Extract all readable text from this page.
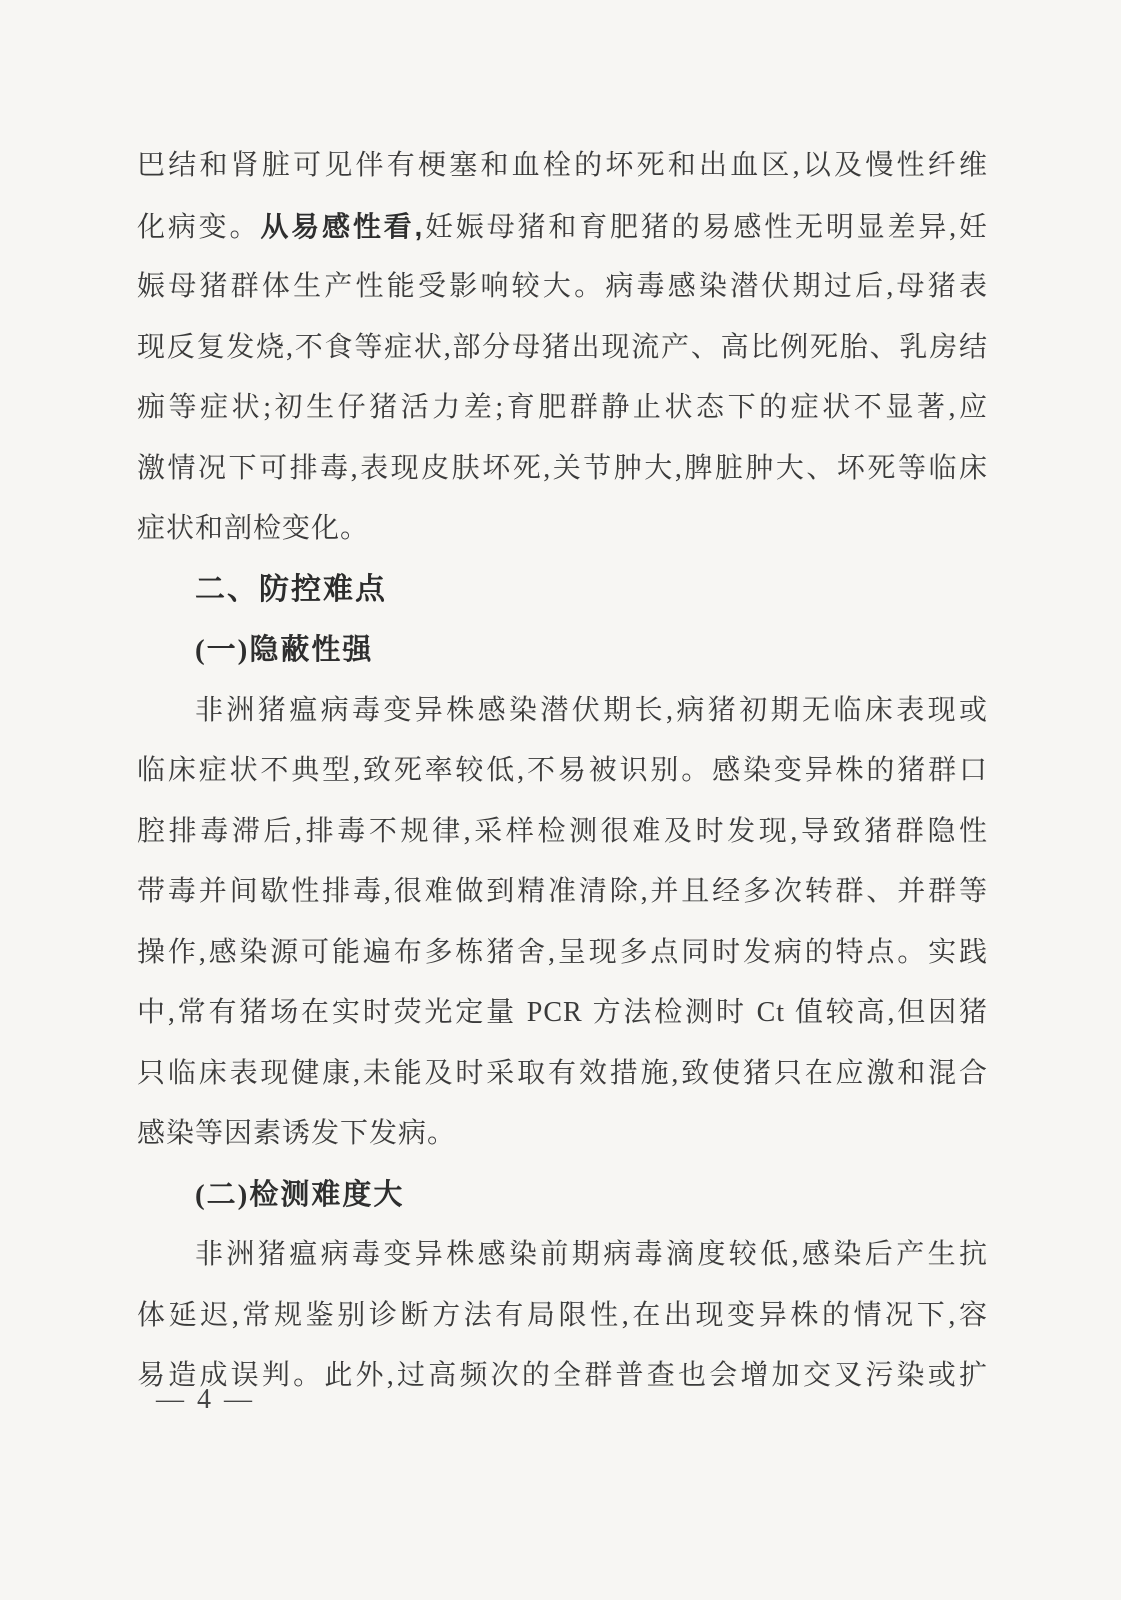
巴结和肾脏可见伴有梗塞和血栓的坏死和出血区,以及慢性纤维
化病变。从易感性看,妊娠母猪和育肥猪的易感性无明显差异,妊
娠母猪群体生产性能受影响较大。病毒感染潜伏期过后,母猪表
现反复发烧,不食等症状,部分母猪出现流产、高比例死胎、乳房结
痂等症状;初生仔猪活力差;育肥群静止状态下的症状不显著,应
激情况下可排毒,表现皮肤坏死,关节肿大,脾脏肿大、坏死等临床
症状和剖检变化。
二、防控难点
(一)隐蔽性强
非洲猪瘟病毒变异株感染潜伏期长,病猪初期无临床表现或
临床症状不典型,致死率较低,不易被识别。感染变异株的猪群口
腔排毒滞后,排毒不规律,采样检测很难及时发现,导致猪群隐性
带毒并间歇性排毒,很难做到精准清除,并且经多次转群、并群等
操作,感染源可能遍布多栋猪舍,呈现多点同时发病的特点。实践
中,常有猪场在实时荧光定量 PCR 方法检测时 Ct 值较高,但因猪
只临床表现健康,未能及时采取有效措施,致使猪只在应激和混合
感染等因素诱发下发病。
(二)检测难度大
非洲猪瘟病毒变异株感染前期病毒滴度较低,感染后产生抗
体延迟,常规鉴别诊断方法有局限性,在出现变异株的情况下,容
易造成误判。此外,过高频次的全群普查也会增加交叉污染或扩
— 4 —
